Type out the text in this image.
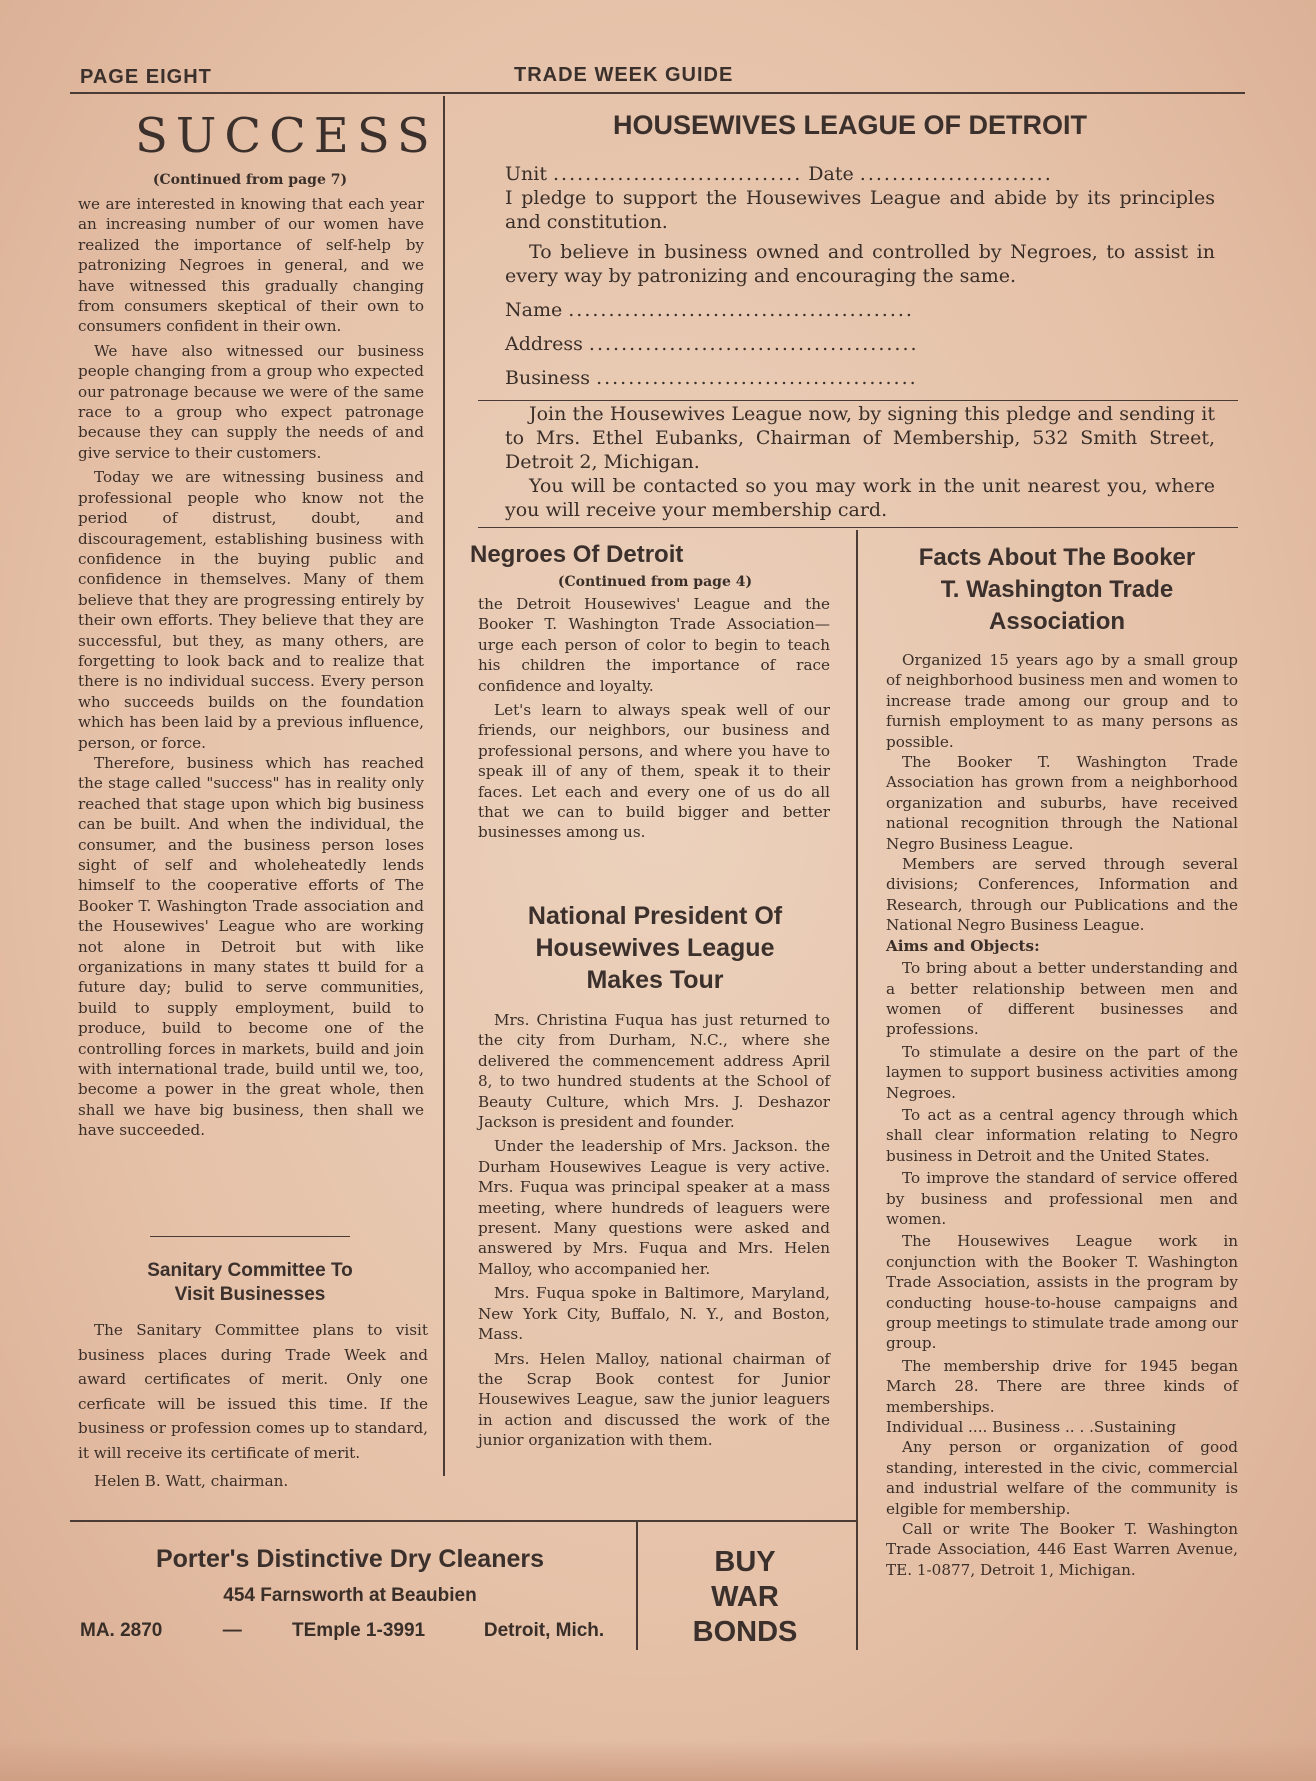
PAGE EIGHT	TRADE WEEK GUIDE
SUCCESS
(Continued from page 7)

we are interested in knowing that each year an increasing number of our women have realized the importance of self-help by patronizing Negroes in general, and we have witnessed this gradually changing from consumers skeptical of their own to consumers confident in their own.

We have also witnessed our business people changing from a group who expected our patronage because we were of the same race to a group who expect patronage because they can supply the needs of and give service to their customers.

Today we are witnessing business and professional people who know not the period of distrust, doubt, and discouragement, establishing business with confidence in the buying public and confidence in themselves. Many of them believe that they are progressing entirely by their own efforts. They believe that they are successful, but they, as many others, are forgetting to look back and to realize that there is no individual success. Every person who succeeds builds on the foundation which has been laid by a previous influence, person, or force.

Therefore, business which has reached the stage called "success" has in reality only reached that stage upon which big business can be built. And when the individual, the consumer, and the business person loses sight of self and wholeheatedly lends himself to the cooperative efforts of The Booker T. Washington Trade association and the Housewives' League who are working not alone in Detroit but with like organizations in many states tt build for a future day; bulid to serve communities, build to supply employment, build to produce, build to become one of the controlling forces in markets, build and join with international trade, build until we, too, become a power in the great whole, then shall we have big business, then shall we have succeeded.

Sanitary Committee To
Visit Businesses

The Sanitary Committee plans to visit business places during Trade Week and award certificates of merit. Only one cerficate will be issued this time. If the business or profession comes up to standard, it will receive its certificate of merit.

Helen B. Watt, chairman.

HOUSEWIVES LEAGUE OF DETROIT
Unit ............................... Date ........................
I pledge to support the Housewives League and abide by its principles and constitution.
To believe in business owned and controlled by Negroes, to assist in every way by patronizing and encouraging the same.
Name ...........................................
Address .........................................
Business ........................................
Join the Housewives League now, by signing this pledge and sending it to Mrs. Ethel Eubanks, Chairman of Membership, 532 Smith Street, Detroit 2, Michigan.
You will be contacted so you may work in the unit nearest you, where you will receive your membership card.
Negroes Of Detroit
(Continued from page 4)

the Detroit Housewives' League and the Booker T. Washington Trade Association—urge each person of color to begin to teach his children the importance of race confidence and loyalty.

Let's learn to always speak well of our friends, our neighbors, our business and professional persons, and where you have to speak ill of any of them, speak it to their faces. Let each and every one of us do all that we can to build bigger and better businesses among us.

National President Of
Housewives League
Makes Tour

Mrs. Christina Fuqua has just returned to the city from Durham, N.C., where she delivered the commencement address April 8, to two hundred students at the School of Beauty Culture, which Mrs. J. Deshazor Jackson is president and founder.

Under the leadership of Mrs. Jackson. the Durham Housewives League is very active. Mrs. Fuqua was principal speaker at a mass meeting, where hundreds of leaguers were present. Many questions were asked and answered by Mrs. Fuqua and Mrs. Helen Malloy, who accompanied her.

Mrs. Fuqua spoke in Baltimore, Maryland, New York City, Buffalo, N. Y., and Boston, Mass.

Mrs. Helen Malloy, national chairman of the Scrap Book contest for Junior Housewives League, saw the junior leaguers in action and discussed the work of the junior organization with them.

Facts About The Booker
T. Washington Trade
Association

Organized 15 years ago by a small group of neighborhood business men and women to increase trade among our group and to furnish employment to as many persons as possible.

The Booker T. Washington Trade Association has grown from a neighborhood organization and suburbs, have received national recognition through the National Negro Business League.

Members are served through several divisions; Conferences, Information and Research, through our Publications and the National Negro Business League.

Aims and Objects:

To bring about a better understanding and a better relationship between men and women of different businesses and professions.

To stimulate a desire on the part of the laymen to support business activities among Negroes.

To act as a central agency through which shall clear information relating to Negro business in Detroit and the United States.

To improve the standard of service offered by business and professional men and women.

The Housewives League work in conjunction with the Booker T. Washington Trade Association, assists in the program by conducting house-to-house campaigns and group meetings to stimulate trade among our group.

The membership drive for 1945 began March 28. There are three kinds of memberships.

Individual .... Business .. . .Sustaining

Any person or organization of good standing, interested in the civic, commercial and industrial welfare of the community is elgible for membership.

Call or write The Booker T. Washington Trade Association, 446 East Warren Avenue, TE. 1-0877, Detroit 1, Michigan.

Porter's Distinctive Dry Cleaners
454 Farnsworth at Beaubien
MA. 2870	—	TEmple 1-3991	Detroit, Mich.
BUY
WAR
BONDS
